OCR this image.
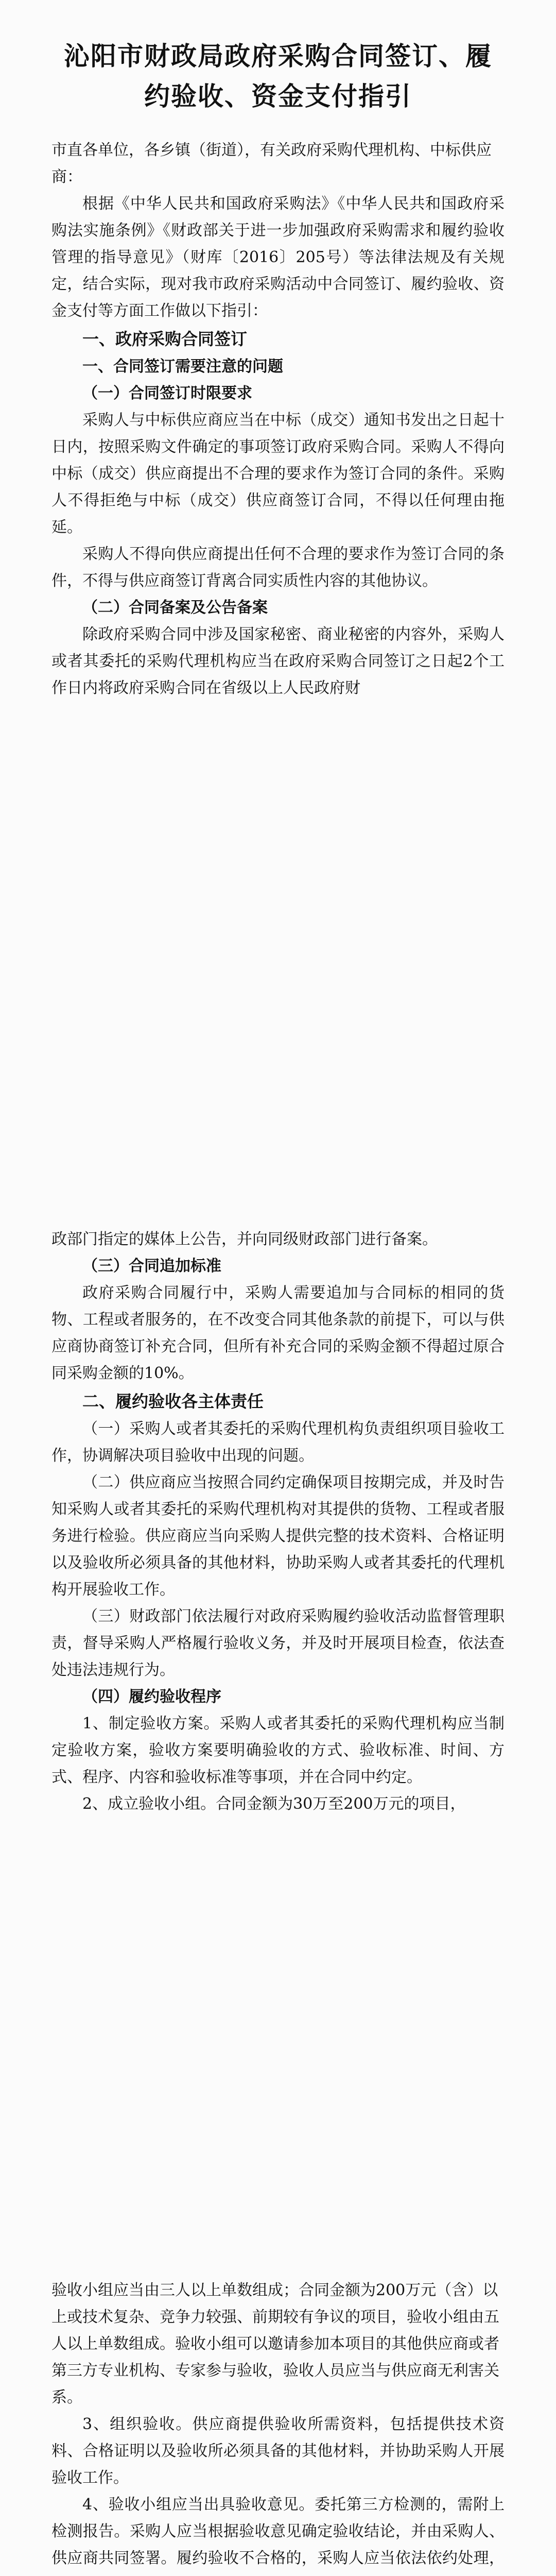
沁阳市财政局政府采购合同签订、履约验收、资金支付指引

市直各单位，各乡镇（街道），有关政府采购代理机构、中标供应商：

根据《中华人民共和国政府采购法》《中华人民共和国政府采购法实施条例》《财政部关于进一步加强政府采购需求和履约验收管理的指导意见》（财库〔2016〕205号）等法律法规及有关规定，结合实际，现对我市政府采购活动中合同签订、履约验收、资金支付等方面工作做以下指引：

一、政府采购合同签订

一、合同签订需要注意的问题

（一）合同签订时限要求

采购人与中标供应商应当在中标（成交）通知书发出之日起十日内，按照采购文件确定的事项签订政府采购合同。采购人不得向中标（成交）供应商提出不合理的要求作为签订合同的条件。采购人不得拒绝与中标（成交）供应商签订合同，不得以任何理由拖延。

采购人不得向供应商提出任何不合理的要求作为签订合同的条件，不得与供应商签订背离合同实质性内容的其他协议。

（二）合同备案及公告备案

除政府采购合同中涉及国家秘密、商业秘密的内容外，采购人或者其委托的采购代理机构应当在政府采购合同签订之日起2个工作日内将政府采购合同在省级以上人民政府财

政部门指定的媒体上公告，并向同级财政部门进行备案。

（三）合同追加标准

政府采购合同履行中，采购人需要追加与合同标的相同的货物、工程或者服务的，在不改变合同其他条款的前提下，可以与供应商协商签订补充合同，但所有补充合同的采购金额不得超过原合同采购金额的10%。

二、履约验收各主体责任

（一）采购人或者其委托的采购代理机构负责组织项目验收工作，协调解决项目验收中出现的问题。

（二）供应商应当按照合同约定确保项目按期完成，并及时告知采购人或者其委托的采购代理机构对其提供的货物、工程或者服务进行检验。供应商应当向采购人提供完整的技术资料、合格证明以及验收所必须具备的其他材料，协助采购人或者其委托的代理机构开展验收工作。

（三）财政部门依法履行对政府采购履约验收活动监督管理职责，督导采购人严格履行验收义务，并及时开展项目检查，依法查处违法违规行为。

（四）履约验收程序

1、制定验收方案。采购人或者其委托的采购代理机构应当制定验收方案，验收方案要明确验收的方式、验收标准、时间、方式、程序、内容和验收标准等事项，并在合同中约定。

2、成立验收小组。合同金额为30万至200万元的项目，

验收小组应当由三人以上单数组成；合同金额为200万元（含）以上或技术复杂、竞争力较强、前期较有争议的项目，验收小组由五人以上单数组成。验收小组可以邀请参加本项目的其他供应商或者第三方专业机构、专家参与验收，验收人员应当与供应商无利害关系。

3、组织验收。供应商提供验收所需资料，包括提供技术资料、合格证明以及验收所必须具备的其他材料，并协助采购人开展验收工作。

4、验收小组应当出具验收意见。委托第三方检测的，需附上检测报告。采购人应当根据验收意见确定验收结论，并由采购人、供应商共同签署。履约验收不合格的，采购人应当依法依约处理，
